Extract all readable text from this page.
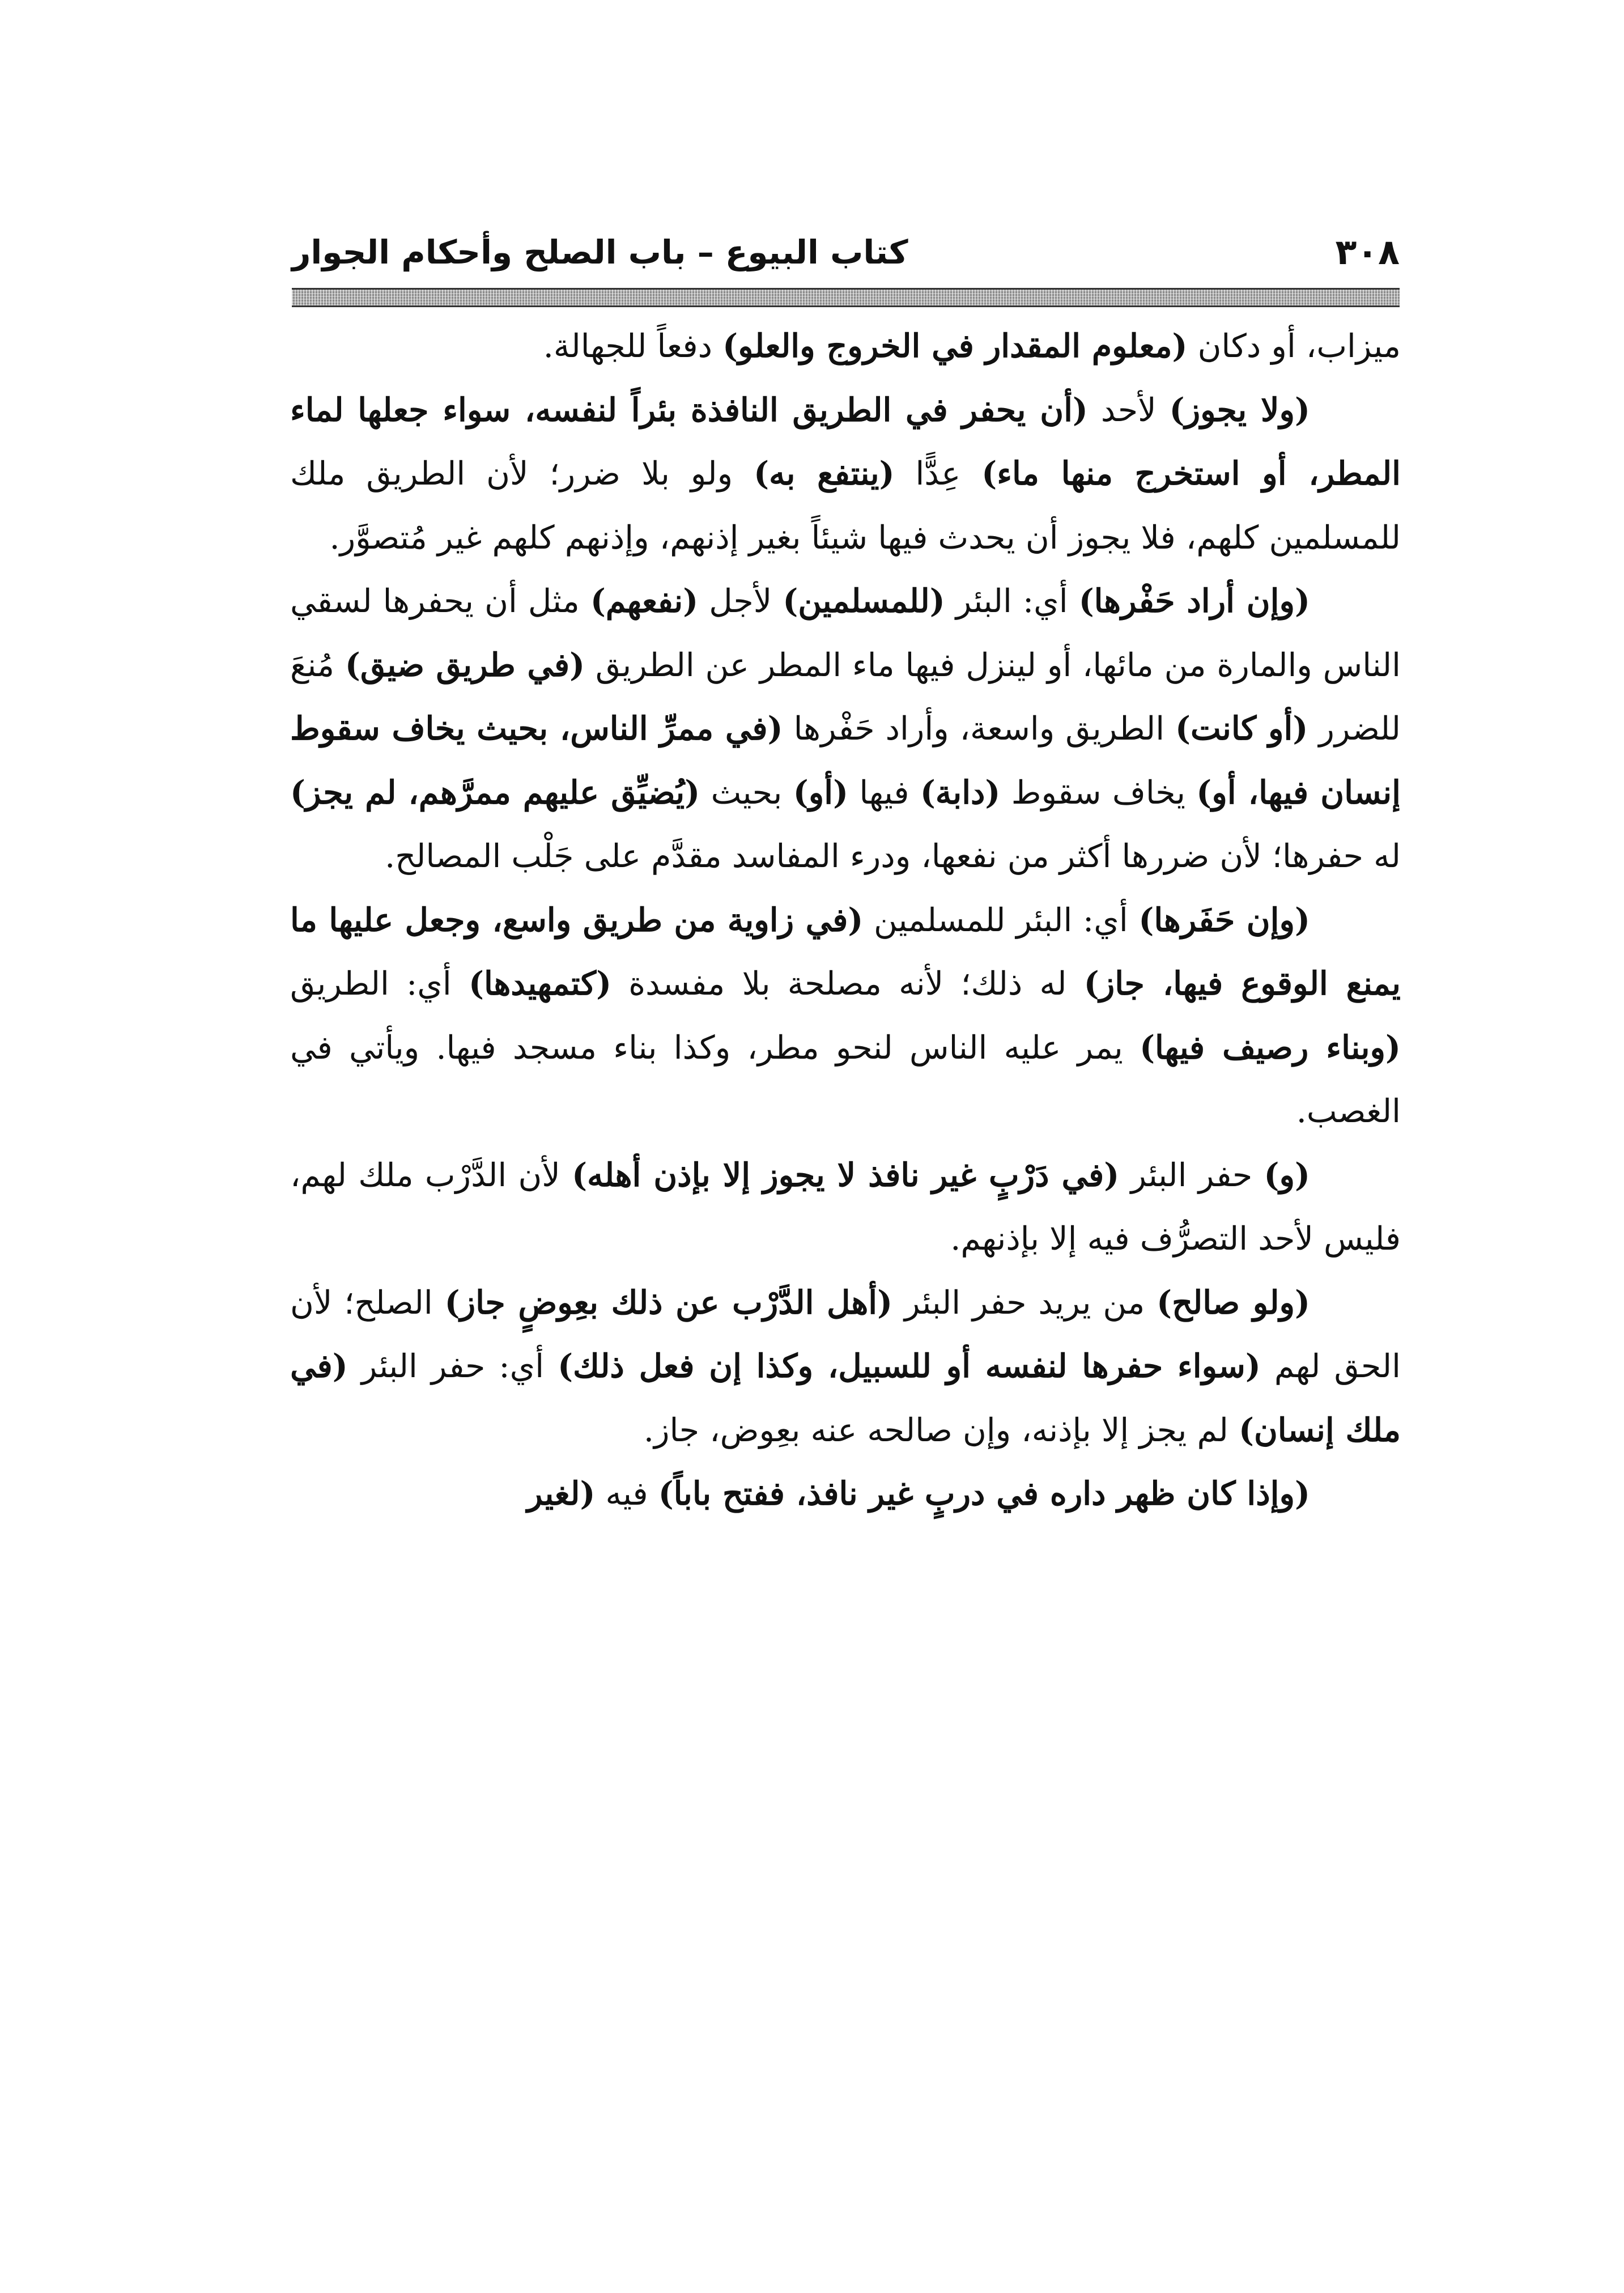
٣٠٨
كتاب البيوع – باب الصلح وأحكام الجوار

ميزاب، أو دكان (معلوم المقدار في الخروج والعلو) دفعاً للجهالة.

(ولا يجوز) لأحد (أن يحفر في الطريق النافذة بئراً لنفسه، سواء جعلها لماء المطر، أو استخرج منها ماء) عِدًّا (ينتفع به) ولو بلا ضرر؛ لأن الطريق ملك للمسلمين كلهم، فلا يجوز أن يحدث فيها شيئاً بغير إذنهم، وإذنهم كلهم غير مُتصوَّر.

(وإن أراد حَفْرها) أي: البئر (للمسلمين) لأجل (نفعهم) مثل أن يحفرها لسقي الناس والمارة من مائها، أو لينزل فيها ماء المطر عن الطريق (في طريق ضيق) مُنعَ للضرر (أو كانت) الطريق واسعة، وأراد حَفْرها (في ممرِّ الناس، بحيث يخاف سقوط إنسان فيها، أو) يخاف سقوط (دابة) فيها (أو) بحيث (يُضيِّق عليهم ممرَّهم، لم يجز) له حفرها؛ لأن ضررها أكثر من نفعها، ودرء المفاسد مقدَّم على جَلْب المصالح.

(وإن حَفَرها) أي: البئر للمسلمين (في زاوية من طريق واسع، وجعل عليها ما يمنع الوقوع فيها، جاز) له ذلك؛ لأنه مصلحة بلا مفسدة (كتمهيدها) أي: الطريق (وبناء رصيف فيها) يمر عليه الناس لنحو مطر، وكذا بناء مسجد فيها. ويأتي في الغصب.

(و) حفر البئر (في دَرْبٍ غير نافذ لا يجوز إلا بإذن أهله) لأن الدَّرْب ملك لهم، فليس لأحد التصرُّف فيه إلا بإذنهم.

(ولو صالح) من يريد حفر البئر (أهل الدَّرْب عن ذلك بعِوضٍ جاز) الصلح؛ لأن الحق لهم (سواء حفرها لنفسه أو للسبيل، وكذا إن فعل ذلك) أي: حفر البئر (في ملك إنسان) لم يجز إلا بإذنه، وإن صالحه عنه بعِوض، جاز.

(وإذا كان ظهر داره في دربٍ غير نافذ، ففتح باباً) فيه (لغير
